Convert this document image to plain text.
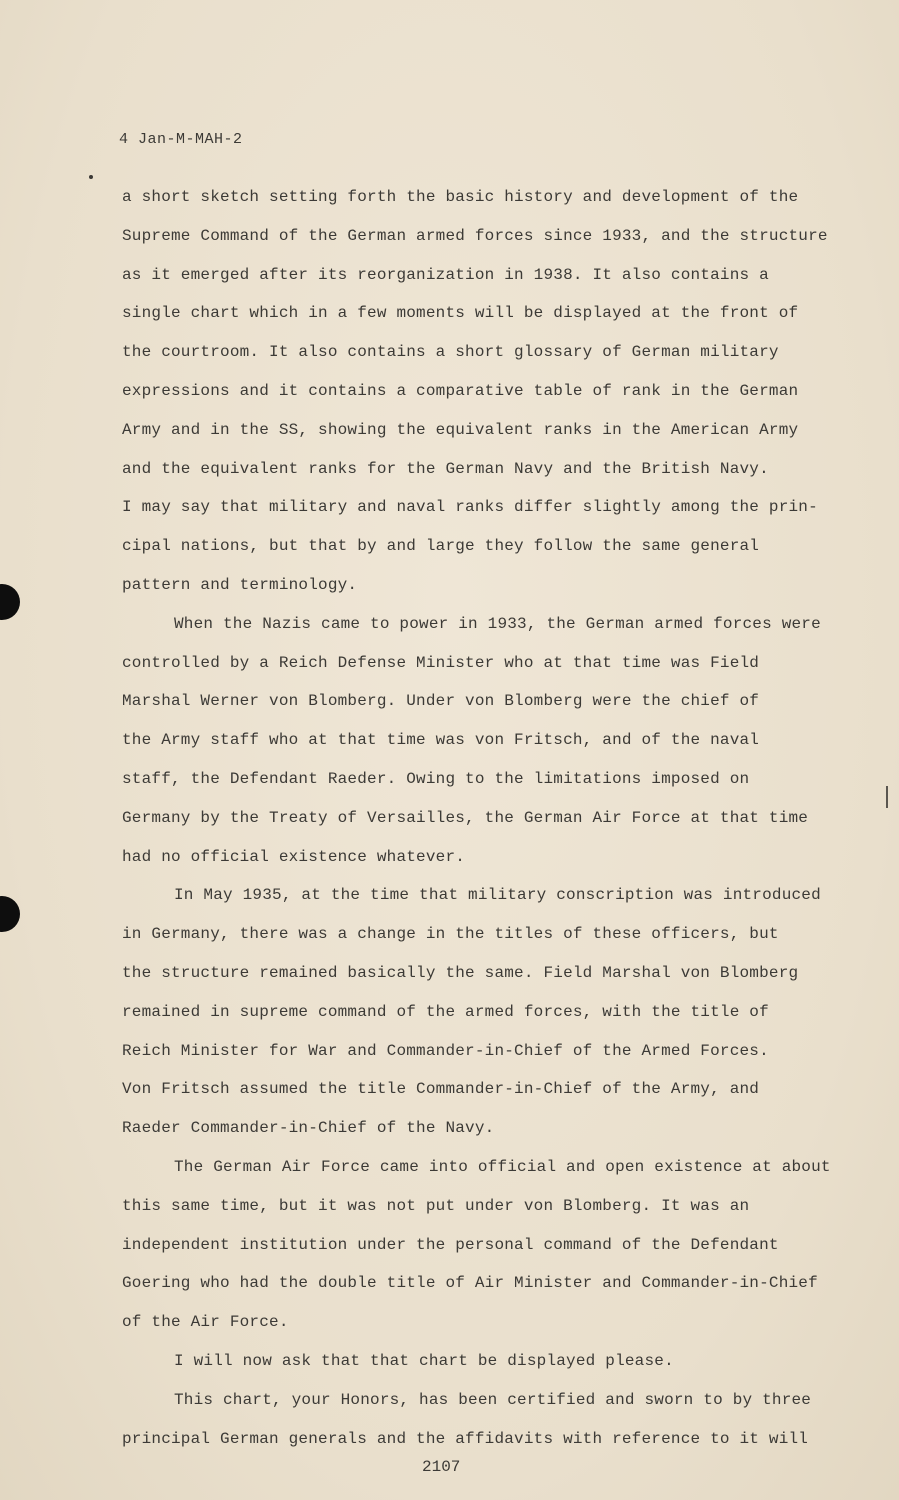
4 Jan-M-MAH-2
a short sketch setting forth the basic history and development of the
Supreme Command of the German armed forces since 1933, and the structure
as it emerged after its reorganization in 1938. It also contains a
single chart which in a few moments will be displayed at the front of
the courtroom. It also contains a short glossary of German military
expressions and it contains a comparative table of rank in the German
Army and in the SS, showing the equivalent ranks in the American Army
and the equivalent ranks for the German Navy and the British Navy.
I may say that military and naval ranks differ slightly among the prin-
cipal nations, but that by and large they follow the same general
pattern and terminology.
When the Nazis came to power in 1933, the German armed forces were
controlled by a Reich Defense Minister who at that time was Field
Marshal Werner von Blomberg. Under von Blomberg were the chief of
the Army staff who at that time was von Fritsch, and of the naval
staff, the Defendant Raeder. Owing to the limitations imposed on
Germany by the Treaty of Versailles, the German Air Force at that time
had no official existence whatever.
In May 1935, at the time that military conscription was introduced
in Germany, there was a change in the titles of these officers, but
the structure remained basically the same. Field Marshal von Blomberg
remained in supreme command of the armed forces, with the title of
Reich Minister for War and Commander-in-Chief of the Armed Forces.
Von Fritsch assumed the title Commander-in-Chief of the Army, and
Raeder Commander-in-Chief of the Navy.
The German Air Force came into official and open existence at about
this same time, but it was not put under von Blomberg. It was an
independent institution under the personal command of the Defendant
Goering who had the double title of Air Minister and Commander-in-Chief
of the Air Force.
I will now ask that that chart be displayed please.
This chart, your Honors, has been certified and sworn to by three
principal German generals and the affidavits with reference to it will
2107
